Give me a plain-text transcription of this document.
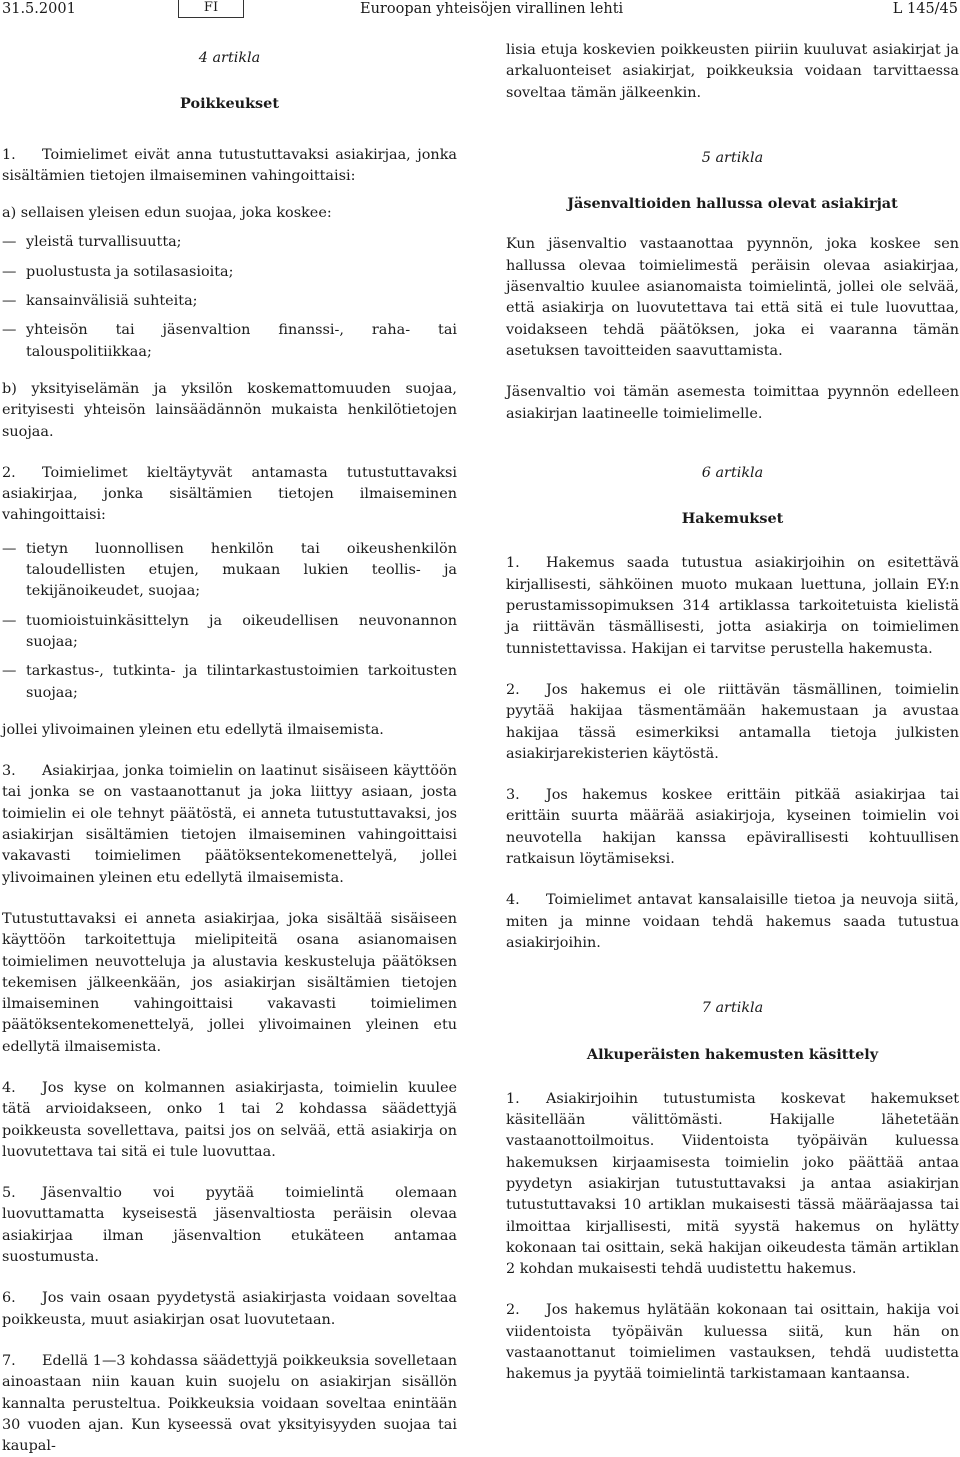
31.5.2001	FI	Euroopan yhteisöjen virallinen lehti	L 145/45

4 artikla

Poikkeukset

1. Toimielimet eivät anna tutustuttavaksi asiakirjaa, jonka sisältämien tietojen ilmaiseminen vahingoittaisi:

a) sellaisen yleisen edun suojaa, joka koskee:

— yleistä turvallisuutta;

— puolustusta ja sotilasasioita;

— kansainvälisiä suhteita;

— yhteisön tai jäsenvaltion finanssi-, raha- tai talouspolitiikkaa;

b) yksityiselämän ja yksilön koskemattomuuden suojaa, erityisesti yhteisön lainsäädännön mukaista henkilötietojen suojaa.

2. Toimielimet kieltäytyvät antamasta tutustuttavaksi asiakirjaa, jonka sisältämien tietojen ilmaiseminen vahingoittaisi:

— tietyn luonnollisen henkilön tai oikeushenkilön taloudellisten etujen, mukaan lukien teollis- ja tekijänoikeudet, suojaa;

— tuomioistuinkäsittelyn ja oikeudellisen neuvonannon suojaa;

— tarkastus-, tutkinta- ja tilintarkastustoimien tarkoitusten suojaa;

jollei ylivoimainen yleinen etu edellytä ilmaisemista.

3. Asiakirjaa, jonka toimielin on laatinut sisäiseen käyttöön tai jonka se on vastaanottanut ja joka liittyy asiaan, josta toimielin ei ole tehnyt päätöstä, ei anneta tutustuttavaksi, jos asiakirjan sisältämien tietojen ilmaiseminen vahingoittaisi vakavasti toimielimen päätöksentekomenettelyä, jollei ylivoimainen yleinen etu edellytä ilmaisemista.

Tutustuttavaksi ei anneta asiakirjaa, joka sisältää sisäiseen käyttöön tarkoitettuja mielipiteitä osana asianomaisen toimielimen neuvotteluja ja alustavia keskusteluja päätöksen tekemisen jälkeenkään, jos asiakirjan sisältämien tietojen ilmaiseminen vahingoittaisi vakavasti toimielimen päätöksentekomenettelyä, jollei ylivoimainen yleinen etu edellytä ilmaisemista.

4. Jos kyse on kolmannen asiakirjasta, toimielin kuulee tätä arvioidakseen, onko 1 tai 2 kohdassa säädettyjä poikkeusta sovellettava, paitsi jos on selvää, että asiakirja on luovutettava tai sitä ei tule luovuttaa.

5. Jäsenvaltio voi pyytää toimielintä olemaan luovuttamatta kyseisestä jäsenvaltiosta peräisin olevaa asiakirjaa ilman jäsenvaltion etukäteen antamaa suostumusta.

6. Jos vain osaan pyydetystä asiakirjasta voidaan soveltaa poikkeusta, muut asiakirjan osat luovutetaan.

7. Edellä 1—3 kohdassa säädettyjä poikkeuksia sovelletaan ainoastaan niin kauan kuin suojelu on asiakirjan sisällön kannalta perusteltua. Poikkeuksia voidaan soveltaa enintään 30 vuoden ajan. Kun kyseessä ovat yksityisyyden suojaa tai kaupal-

lisia etuja koskevien poikkeusten piiriin kuuluvat asiakirjat ja arkaluonteiset asiakirjat, poikkeuksia voidaan tarvittaessa soveltaa tämän jälkeenkin.

5 artikla

Jäsenvaltioiden hallussa olevat asiakirjat

Kun jäsenvaltio vastaanottaa pyynnön, joka koskee sen hallussa olevaa toimielimestä peräisin olevaa asiakirjaa, jäsenvaltio kuulee asianomaista toimielintä, jollei ole selvää, että asiakirja on luovutettava tai että sitä ei tule luovuttaa, voidakseen tehdä päätöksen, joka ei vaaranna tämän asetuksen tavoitteiden saavuttamista.

Jäsenvaltio voi tämän asemesta toimittaa pyynnön edelleen asiakirjan laatineelle toimielimelle.

6 artikla

Hakemukset

1. Hakemus saada tutustua asiakirjoihin on esitettävä kirjallisesti, sähköinen muoto mukaan luettuna, jollain EY:n perustamissopimuksen 314 artiklassa tarkoitetuista kielistä ja riittävän täsmällisesti, jotta asiakirja on toimielimen tunnistettavissa. Hakijan ei tarvitse perustella hakemusta.

2. Jos hakemus ei ole riittävän täsmällinen, toimielin pyytää hakijaa täsmentämään hakemustaan ja avustaa hakijaa tässä esimerkiksi antamalla tietoja julkisten asiakirjarekisterien käytöstä.

3. Jos hakemus koskee erittäin pitkää asiakirjaa tai erittäin suurta määrää asiakirjoja, kyseinen toimielin voi neuvotella hakijan kanssa epävirallisesti kohtuullisen ratkaisun löytämiseksi.

4. Toimielimet antavat kansalaisille tietoa ja neuvoja siitä, miten ja minne voidaan tehdä hakemus saada tutustua asiakirjoihin.

7 artikla

Alkuperäisten hakemusten käsittely

1. Asiakirjoihin tutustumista koskevat hakemukset käsitellään välittömästi. Hakijalle lähetetään vastaanottoilmoitus. Viidentoista työpäivän kuluessa hakemuksen kirjaamisesta toimielin joko päättää antaa pyydetyn asiakirjan tutustuttavaksi ja antaa asiakirjan tutustuttavaksi 10 artiklan mukaisesti tässä määräajassa tai ilmoittaa kirjallisesti, mitä syystä hakemus on hylätty kokonaan tai osittain, sekä hakijan oikeudesta tämän artiklan 2 kohdan mukaisesti tehdä uudistettu hakemus.

2. Jos hakemus hylätään kokonaan tai osittain, hakija voi viidentoista työpäivän kuluessa siitä, kun hän on vastaanottanut toimielimen vastauksen, tehdä uudistetta hakemus ja pyytää toimielintä tarkistamaan kantaansa.
